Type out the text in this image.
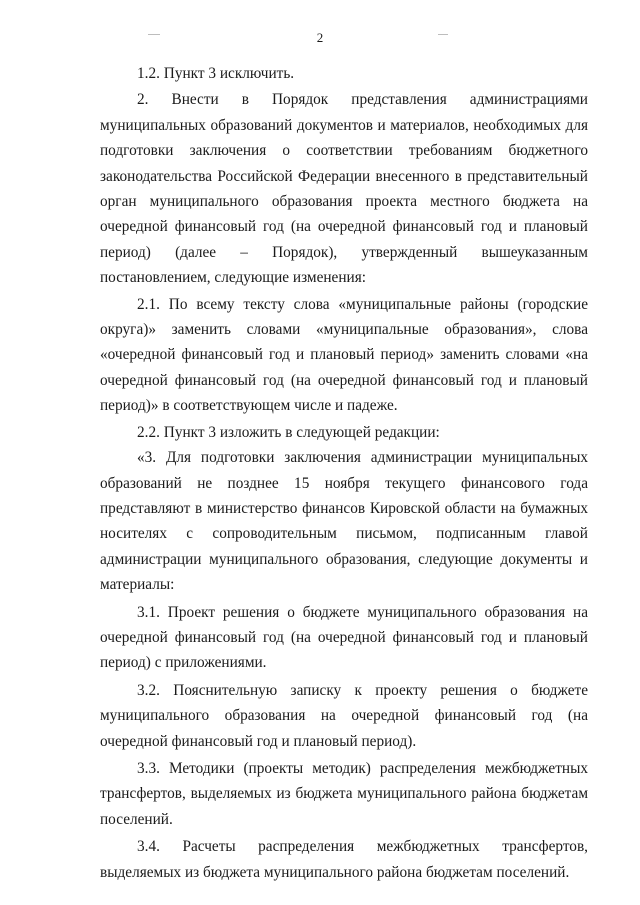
2

1.2. Пункт 3 исключить.

2. Внести в Порядок представления администрациями муниципальных образований документов и материалов, необходимых для подготовки заключения о соответствии требованиям бюджетного законодательства Российской Федерации внесенного в представительный орган муниципального образования проекта местного бюджета на очередной финансовый год (на очередной финансовый год и плановый период) (далее – Порядок), утвержденный вышеуказанным постановлением, следующие изменения:

2.1. По всему тексту слова «муниципальные районы (городские округа)» заменить словами «муниципальные образования», слова «очередной финансовый год и плановый период» заменить словами «на очередной финансовый год (на очередной финансовый год и плановый период)» в соответствующем числе и падеже.

2.2. Пункт 3 изложить в следующей редакции:

«3. Для подготовки заключения администрации муниципальных образований не позднее 15 ноября текущего финансового года представляют в министерство финансов Кировской области на бумажных носителях с сопроводительным письмом, подписанным главой администрации муниципального образования, следующие документы и материалы:

3.1. Проект решения о бюджете муниципального образования на очередной финансовый год (на очередной финансовый год и плановый период) с приложениями.

3.2. Пояснительную записку к проекту решения о бюджете муниципального образования на очередной финансовый год (на очередной финансовый год и плановый период).

3.3. Методики (проекты методик) распределения межбюджетных трансфертов, выделяемых из бюджета муниципального района бюджетам поселений.

3.4. Расчеты распределения межбюджетных трансфертов, выделяемых из бюджета муниципального района бюджетам поселений.
